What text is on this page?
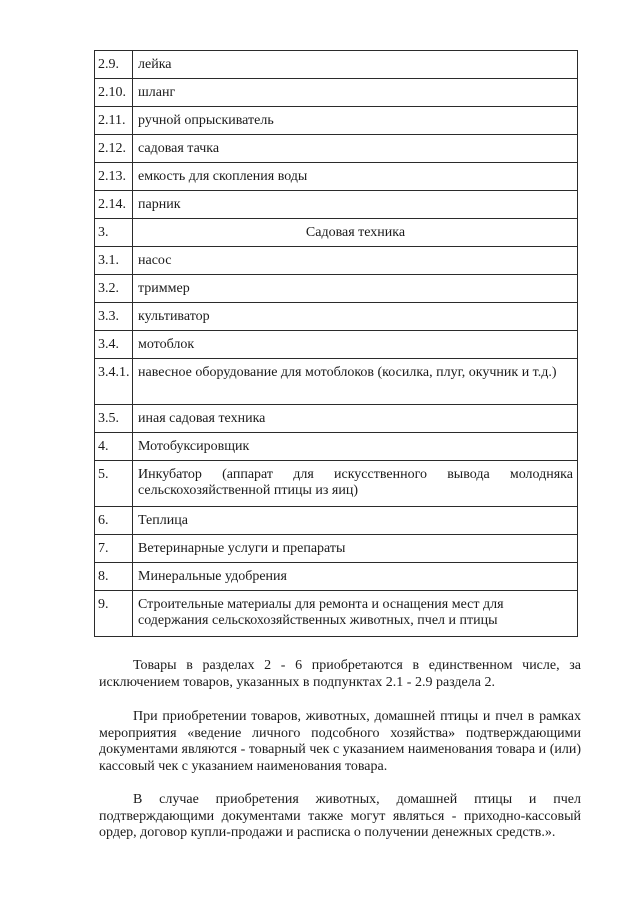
2.9.	лейка
2.10.	шланг
2.11.	ручной опрыскиватель
2.12.	садовая тачка
2.13.	емкость для скопления воды
2.14.	парник
3.	Садовая техника
3.1.	насос
3.2.	триммер
3.3.	культиватор
3.4.	мотоблок
3.4.1.	навесное оборудование для мотоблоков (косилка, плуг, окучник и т.д.)
3.5.	иная садовая техника
4.	Мотобуксировщик
5.	Инкубатор (аппарат для искусственного вывода молодняка сельскохозяйственной птицы из яиц)
6.	Теплица
7.	Ветеринарные услуги и препараты
8.	Минеральные удобрения
9.	Строительные материалы для ремонта и оснащения мест для содержания сельскохозяйственных животных, пчел и птицы

Товары в разделах 2 - 6 приобретаются в единственном числе, за исключением товаров, указанных в подпунктах 2.1 - 2.9 раздела 2.

При приобретении товаров, животных, домашней птицы и пчел в рамках мероприятия «ведение личного подсобного хозяйства» подтверждающими документами являются - товарный чек с указанием наименования товара и (или) кассовый чек с указанием наименования товара.

В случае приобретения животных, домашней птицы и пчел подтверждающими документами также могут являться - приходно-кассовый ордер, договор купли-продажи и расписка о получении денежных средств.».
